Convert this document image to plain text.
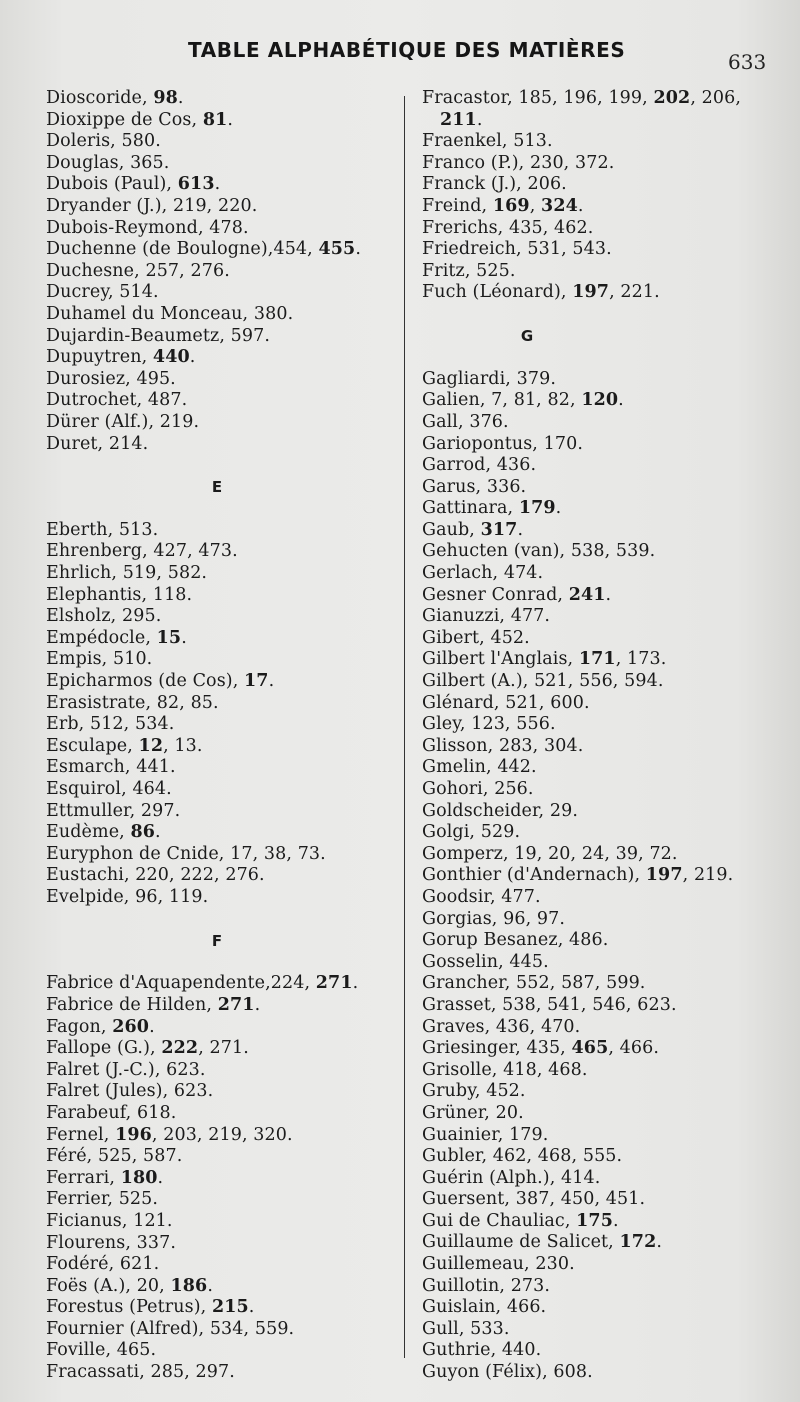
TABLE ALPHABÉTIQUE DES MATIÈRES	633
Dioscoride, 98.
Dioxippe de Cos, 81.
Doleris, 580.
Douglas, 365.
Dubois (Paul), 613.
Dryander (J.), 219, 220.
Dubois-Reymond, 478.
Duchenne (de Boulogne),454, 455.
Duchesne, 257, 276.
Ducrey, 514.
Duhamel du Monceau, 380.
Dujardin-Beaumetz, 597.
Dupuytren, 440.
Durosiez, 495.
Dutrochet, 487.
Dürer (Alf.), 219.
Duret, 214.
E
Eberth, 513.
Ehrenberg, 427, 473.
Ehrlich, 519, 582.
Elephantis, 118.
Elsholz, 295.
Empédocle, 15.
Empis, 510.
Epicharmos (de Cos), 17.
Erasistrate, 82, 85.
Erb, 512, 534.
Esculape, 12, 13.
Esmarch, 441.
Esquirol, 464.
Ettmuller, 297.
Eudème, 86.
Euryphon de Cnide, 17, 38, 73.
Eustachi, 220, 222, 276.
Evelpide, 96, 119.
F
Fabrice d'Aquapendente,224, 271.
Fabrice de Hilden, 271.
Fagon, 260.
Fallope (G.), 222, 271.
Falret (J.-C.), 623.
Falret (Jules), 623.
Farabeuf, 618.
Fernel, 196, 203, 219, 320.
Féré, 525, 587.
Ferrari, 180.
Ferrier, 525.
Ficianus, 121.
Flourens, 337.
Fodéré, 621.
Foës (A.), 20, 186.
Forestus (Petrus), 215.
Fournier (Alfred), 534, 559.
Foville, 465.
Fracassati, 285, 297.
Fracastor, 185, 196, 199, 202, 206,
211.
Fraenkel, 513.
Franco (P.), 230, 372.
Franck (J.), 206.
Freind, 169, 324.
Frerichs, 435, 462.
Friedreich, 531, 543.
Fritz, 525.
Fuch (Léonard), 197, 221.
G
Gagliardi, 379.
Galien, 7, 81, 82, 120.
Gall, 376.
Gariopontus, 170.
Garrod, 436.
Garus, 336.
Gattinara, 179.
Gaub, 317.
Gehucten (van), 538, 539.
Gerlach, 474.
Gesner Conrad, 241.
Gianuzzi, 477.
Gibert, 452.
Gilbert l'Anglais, 171, 173.
Gilbert (A.), 521, 556, 594.
Glénard, 521, 600.
Gley, 123, 556.
Glisson, 283, 304.
Gmelin, 442.
Gohori, 256.
Goldscheider, 29.
Golgi, 529.
Gomperz, 19, 20, 24, 39, 72.
Gonthier (d'Andernach), 197, 219.
Goodsir, 477.
Gorgias, 96, 97.
Gorup Besanez, 486.
Gosselin, 445.
Grancher, 552, 587, 599.
Grasset, 538, 541, 546, 623.
Graves, 436, 470.
Griesinger, 435, 465, 466.
Grisolle, 418, 468.
Gruby, 452.
Grüner, 20.
Guainier, 179.
Gubler, 462, 468, 555.
Guérin (Alph.), 414.
Guersent, 387, 450, 451.
Gui de Chauliac, 175.
Guillaume de Salicet, 172.
Guillemeau, 230.
Guillotin, 273.
Guislain, 466.
Gull, 533.
Guthrie, 440.
Guyon (Félix), 608.
